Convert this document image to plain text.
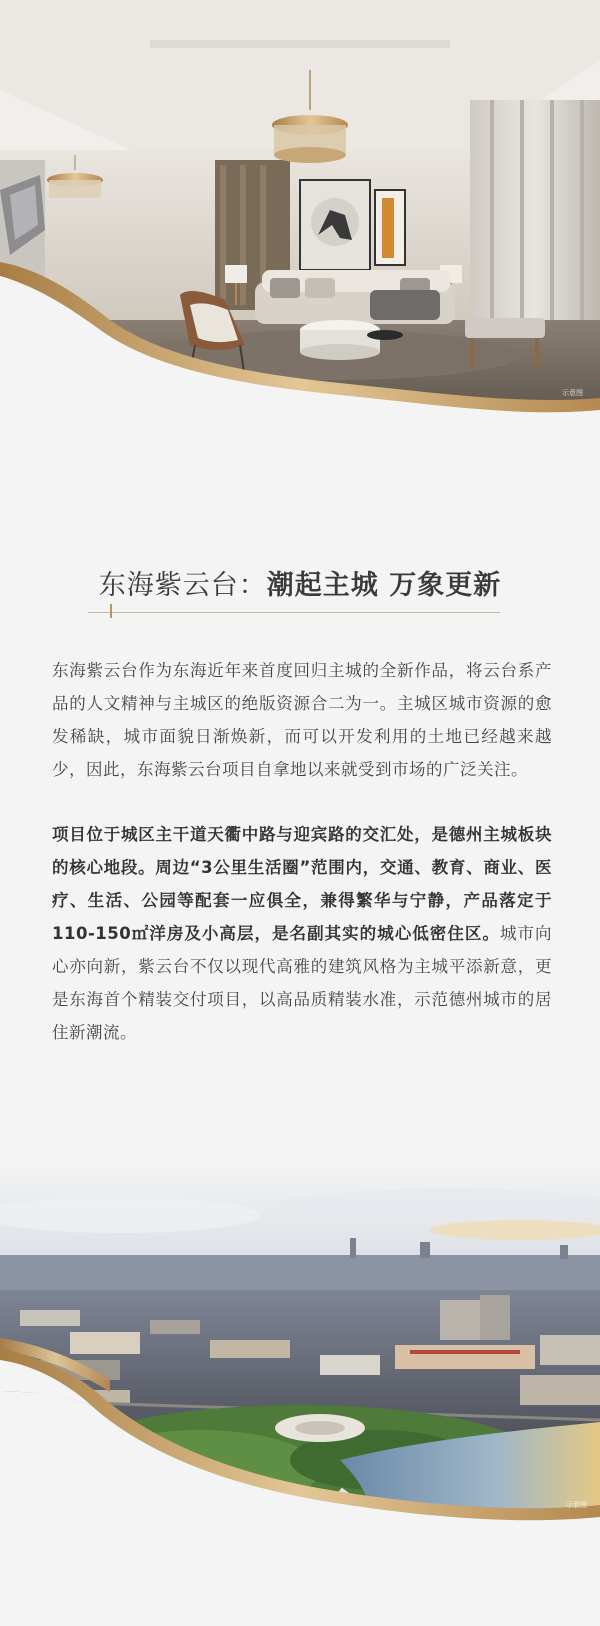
示意图
东海紫云台：潮起主城 万象更新
东海紫云台作为东海近年来首度回归主城的全新作品，将云台系产品的人文精神与主城区的绝版资源合二为一。主城区城市资源的愈发稀缺，城市面貌日渐焕新，而可以开发利用的土地已经越来越少，因此，东海紫云台项目自拿地以来就受到市场的广泛关注。
项目位于城区主干道天衢中路与迎宾路的交汇处，是德州主城板块的核心地段。周边“3公里生活圈”范围内，交通、教育、商业、医疗、生活、公园等配套一应俱全，兼得繁华与宁静，产品落定于110-150㎡洋房及小高层，是名副其实的城心低密住区。城市向心亦向新，紫云台不仅以现代高雅的建筑风格为主城平添新意，更是东海首个精装交付项目，以高品质精装水准，示范德州城市的居住新潮流。
示意图
